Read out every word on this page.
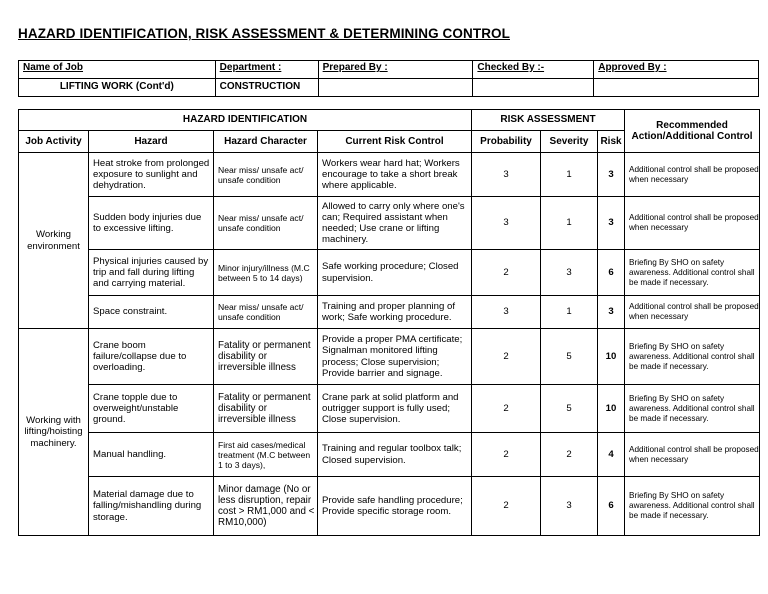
HAZARD IDENTIFICATION, RISK ASSESSMENT & DETERMINING CONTROL
Name of Job	Department :	Prepared By :	Checked By :-	Approved By :
LIFTING WORK (Cont'd)	CONSTRUCTION			
HAZARD IDENTIFICATION				RISK ASSESSMENT			Recommended Action/Additional Control
Job Activity	Hazard	Hazard Character	Current Risk Control	Probability	Severity	Risk	
Working environment	Heat stroke from prolonged exposure to sunlight and dehydration.	Near miss/ unsafe act/ unsafe condition	Workers wear hard hat; Workers encourage to take a short break where applicable.	3	1	3	Additional control shall be proposed when necessary
	Sudden body injuries due to excessive lifting.	Near miss/ unsafe act/ unsafe condition	Allowed to carry only where one's can; Required assistant when needed; Use crane or lifting machinery.	3	1	3	Additional control shall be proposed when necessary
	Physical injuries caused by trip and fall during lifting and carrying material.	Minor injury/illness (M.C between 5 to 14 days)	Safe working procedure; Closed supervision.	2	3	6	Briefing By SHO on safety awareness. Additional control shall be made if necessary.
	Space constraint.	Near miss/ unsafe act/ unsafe condition	Training and proper planning of work; Safe working procedure.	3	1	3	Additional control shall be proposed when necessary
Working with lifting/hoisting machinery.	Crane boom failure/collapse due to overloading.	Fatality or permanent disability or irreversible illness	Provide a proper PMA certificate; Signalman monitored lifting process; Close supervision; Provide barrier and signage.	2	5	10	Briefing By SHO on safety awareness. Additional control shall be made if necessary.
	Crane topple due to overweight/unstable ground.	Fatality or permanent disability or irreversible illness	Crane park at solid platform and outrigger support is fully used; Close supervision.	2	5	10	Briefing By SHO on safety awareness. Additional control shall be made if necessary.
	Manual handling.	First aid cases/medical treatment (M.C between 1 to 3 days),	Training and regular toolbox talk; Closed supervision.	2	2	4	Additional control shall be proposed when necessary
	Material damage due to falling/mishandling during storage.	Minor damage (No or less disruption, repair cost > RM1,000 and < RM10,000)	Provide safe handling procedure; Provide specific storage room.	2	3	6	Briefing By SHO on safety awareness. Additional control shall be made if necessary.
